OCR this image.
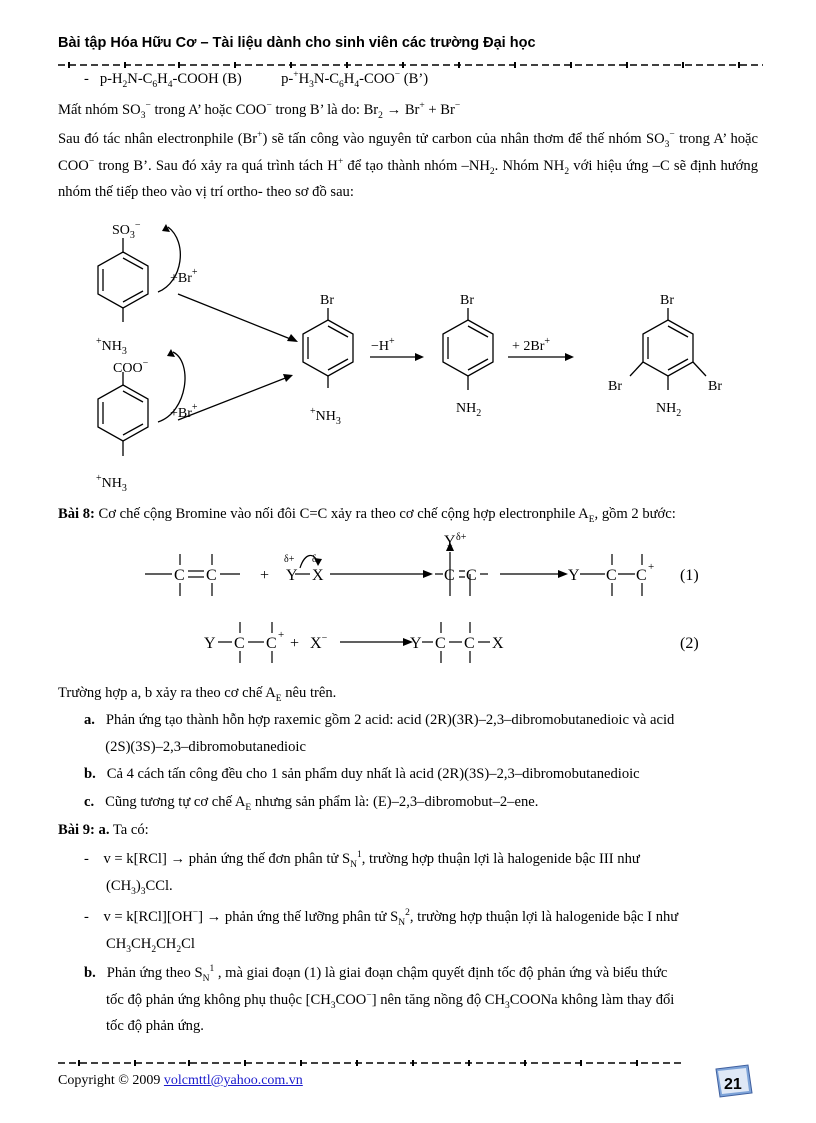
Bài tập Hóa Hữu Cơ – Tài liệu dành cho sinh viên các trường Đại học
-   $p-H_2N-C_6H_4$-COOH (B)  $p-^+H_3N-C_6H_4-COO^-$ (B’)
Mất nhóm $SO_3^-$ trong A’ hoặc COO− trong B’ là do: $Br_2 \to Br^+ + Br^-$
Sau đó tác nhân electronphile (Br+) sẽ tấn công vào nguyên tử carbon của nhân thơm để thế nhóm $SO_3^-$ trong A’ hoặc COO− trong B’. Sau đó xảy ra quá trình tách H+ để tạo thành nhóm $-NH_2$. Nhóm $NH_2$ với hiệu ứng –C sẽ định hướng nhóm thế tiếp theo vào vị trí ortho- theo sơ đồ sau:
$SO_3^-$
$^+NH_3$
COO−
$^+NH_3$
+Br+
+Br+
Br
$^+NH_3$
−H+
Br
$NH_2$
+ 2Br+
Br
Br	Br
$NH_2$
Bài 8: Cơ chế cộng Bromine vào nối đôi C=C xảy ra theo cơ chế cộng hợp electronphile $A_E$, gồm 2 bước:
C C	+ Y X
δ+ δ-
C C
Y δ+
Y C C + (1)
Y C C + + X−	Y C C X	(2)
Trường hợp a, b xảy ra theo cơ chế $A_E$ nêu trên.
a. Phản ứng tạo thành hỗn hợp raxemic gồm 2 acid: acid (2R)(3R)–2,3–dibromobutanedioic và acid
(2S)(3S)–2,3–dibromobutanedioic
b. Cả 4 cách tấn công đều cho 1 sản phẩm duy nhất là acid (2R)(3S)–2,3–dibromobutanedioic
c. Cũng tương tự cơ chế $A_E$ nhưng sản phẩm là: (E)–2,3–dibromobut–2–ene.
Bài 9: a. Ta có:
-    v = k[RCl] → phản ứng thế đơn phân tử $S_N^1$, trường hợp thuận lợi là halogenide bậc III như
$(CH_3)_3CCl$.
-    v = k[RCl][OH−] → phản ứng thế lưỡng phân tử $S_N^2$, trường hợp thuận lợi là halogenide bậc I như
$CH_3CH_2CH_2Cl$
b. Phản ứng theo $S_N^1$ , mà giai đoạn (1) là giai đoạn chậm quyết định tốc độ phản ứng và biểu thức
tốc độ phản ứng không phụ thuộc $[CH_3COO^-]$ nên tăng nồng độ $CH_3COONa$ không làm thay đổi
tốc độ phản ứng.
Copyright © 2009 volcmttl@yahoo.com.vn	21
